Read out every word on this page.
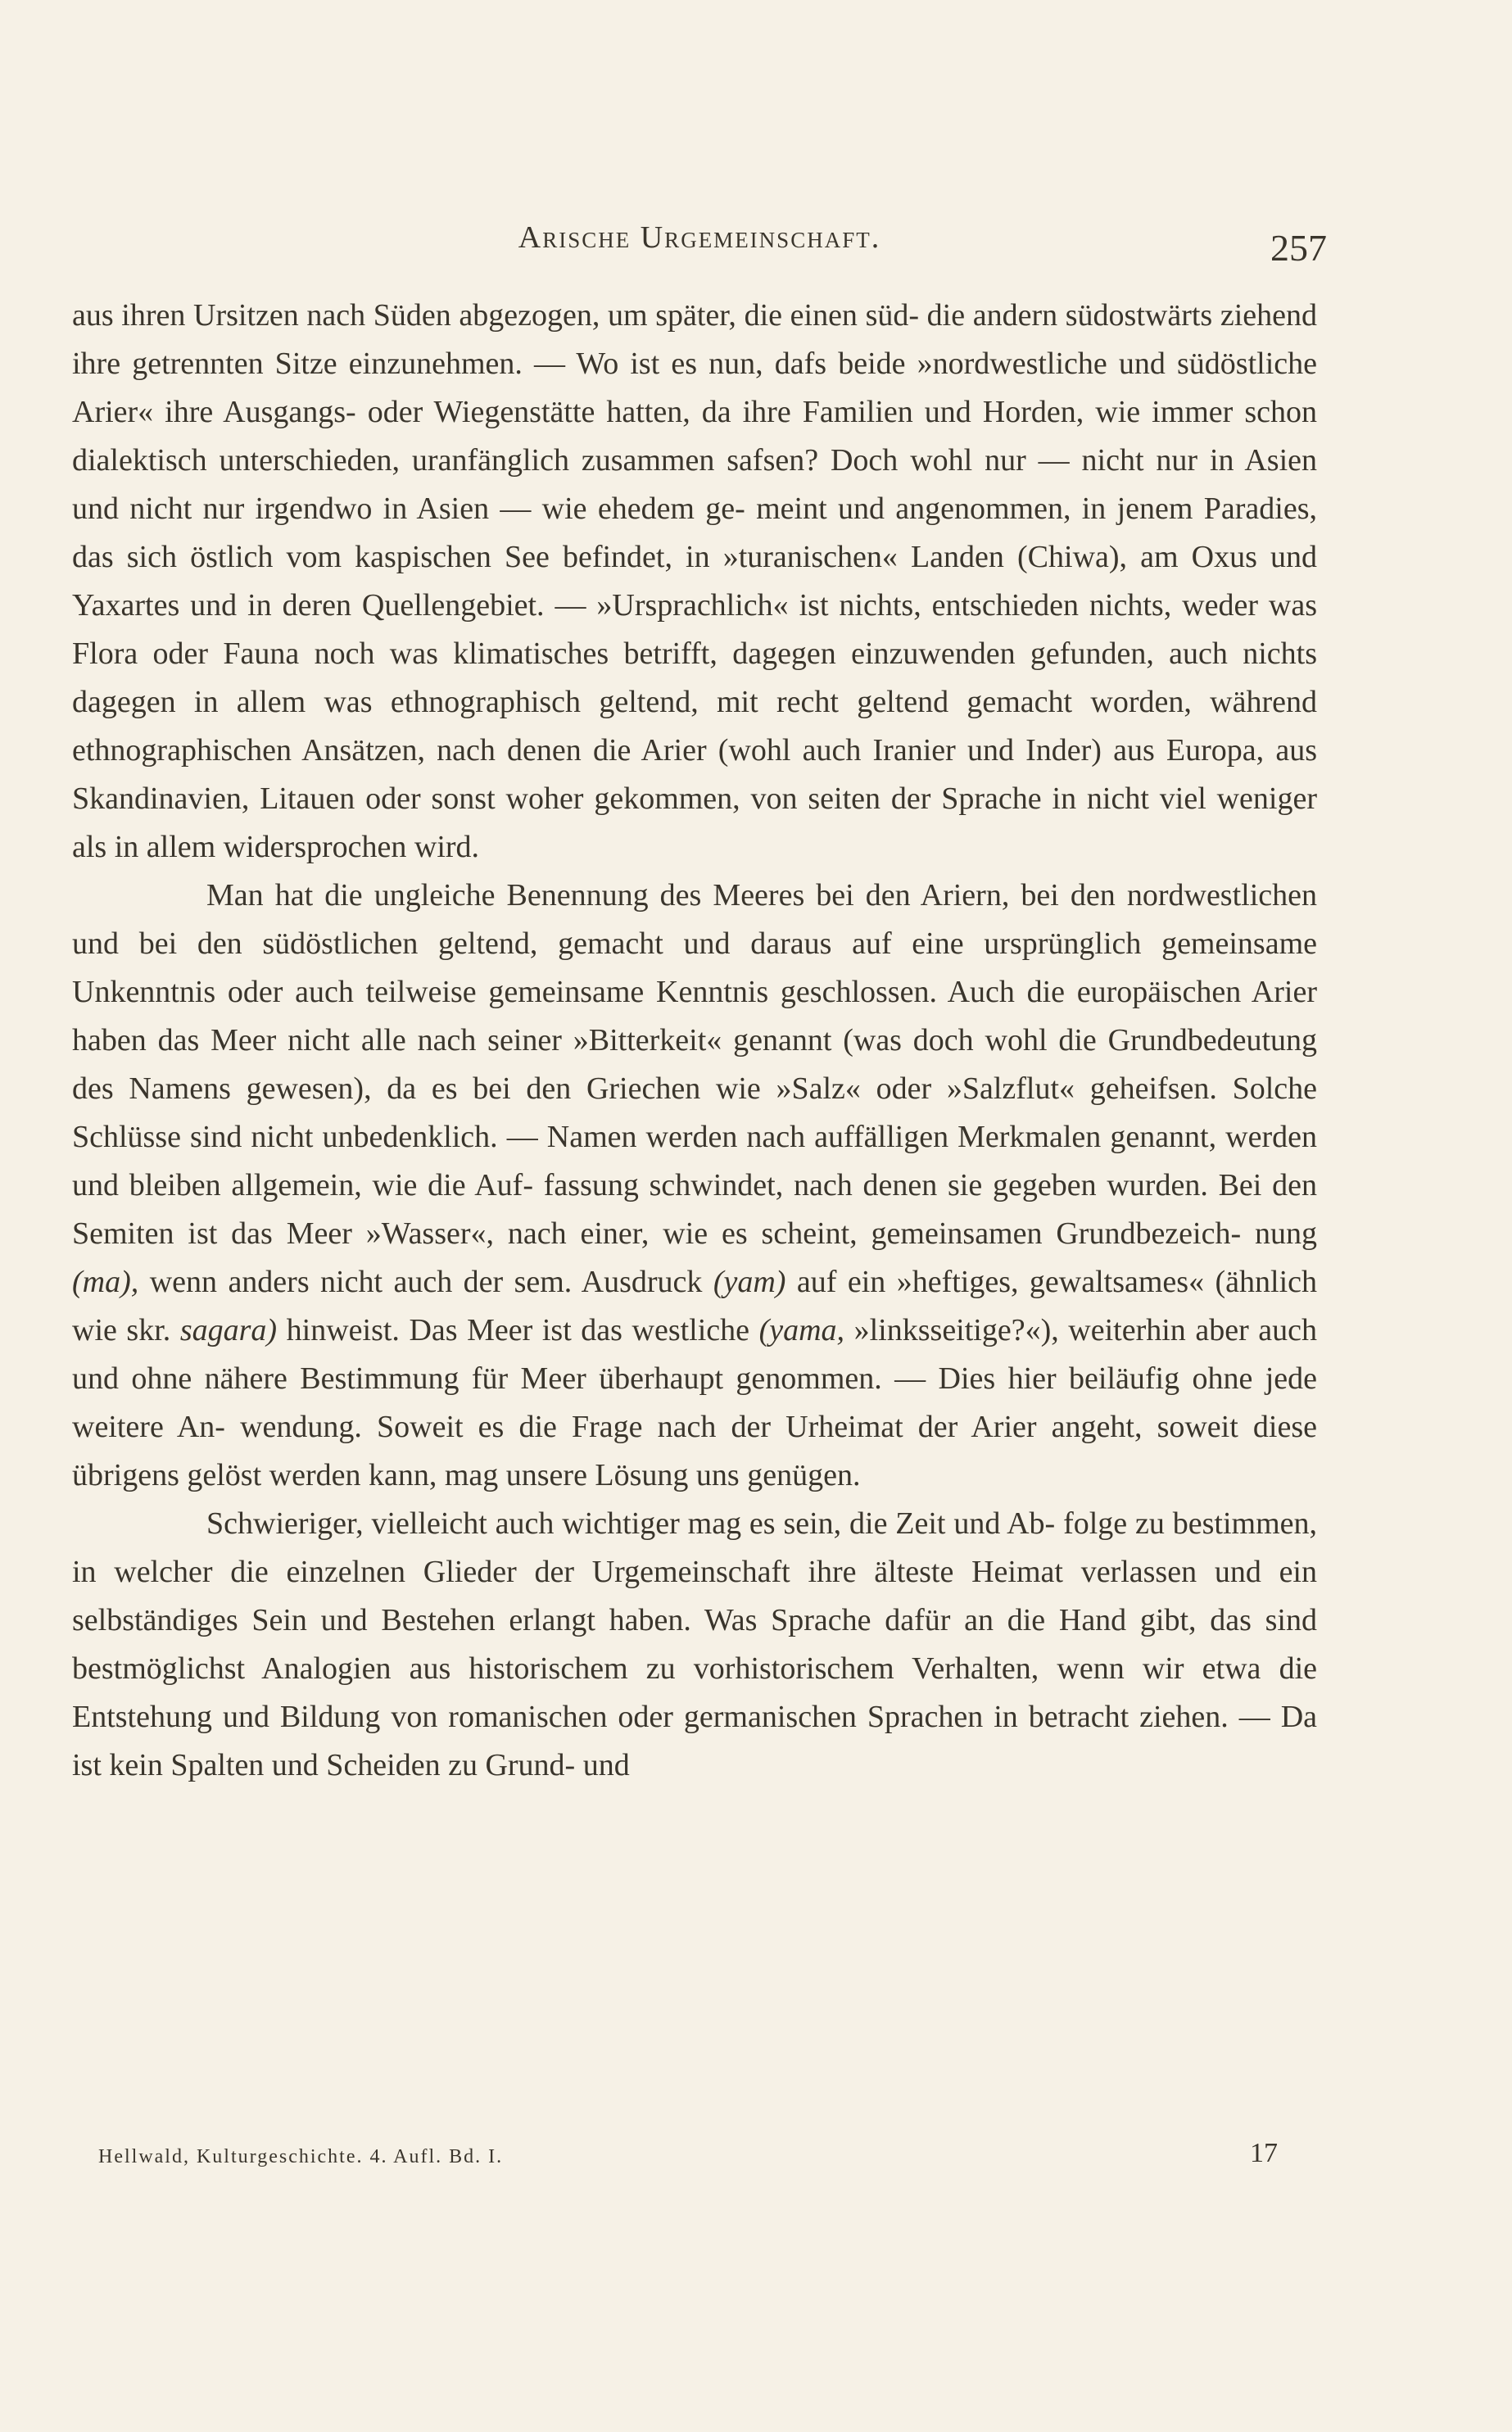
Arische Urgemeinschaft.	257

aus ihren Ursitzen nach Süden abgezogen, um später, die einen süd- die andern südostwärts ziehend ihre getrennten Sitze einzunehmen. — Wo ist es nun, dafs beide »nordwestliche und südöstliche Arier« ihre Ausgangs- oder Wiegenstätte hatten, da ihre Familien und Horden, wie immer schon dialektisch unterschieden, uranfänglich zusammen safsen? Doch wohl nur — nicht nur in Asien und nicht nur irgendwo in Asien — wie ehedem ge- meint und angenommen, in jenem Paradies, das sich östlich vom kaspischen See befindet, in »turanischen« Landen (Chiwa), am Oxus und Yaxartes und in deren Quellengebiet. — »Ursprachlich« ist nichts, entschieden nichts, weder was Flora oder Fauna noch was klimatisches betrifft, dagegen einzuwenden gefunden, auch nichts dagegen in allem was ethnographisch geltend, mit recht geltend gemacht worden, während ethnographischen Ansätzen, nach denen die Arier (wohl auch Iranier und Inder) aus Europa, aus Skandinavien, Litauen oder sonst woher gekommen, von seiten der Sprache in nicht viel weniger als in allem widersprochen wird.

Man hat die ungleiche Benennung des Meeres bei den Ariern, bei den nordwestlichen und bei den südöstlichen geltend, gemacht und daraus auf eine ursprünglich gemeinsame Unkenntnis oder auch teilweise gemeinsame Kenntnis geschlossen. Auch die europäischen Arier haben das Meer nicht alle nach seiner »Bitterkeit« genannt (was doch wohl die Grundbedeutung des Namens gewesen), da es bei den Griechen wie »Salz« oder »Salzflut« geheifsen. Solche Schlüsse sind nicht unbedenklich. — Namen werden nach auffälligen Merkmalen genannt, werden und bleiben allgemein, wie die Auf- fassung schwindet, nach denen sie gegeben wurden. Bei den Semiten ist das Meer »Wasser«, nach einer, wie es scheint, gemeinsamen Grundbezeich- nung (ma), wenn anders nicht auch der sem. Ausdruck (yam) auf ein »heftiges, gewaltsames« (ähnlich wie skr. sagara) hinweist. Das Meer ist das westliche (yama, »linksseitige?«), weiterhin aber auch und ohne nähere Bestimmung für Meer überhaupt genommen. — Dies hier beiläufig ohne jede weitere An- wendung. Soweit es die Frage nach der Urheimat der Arier angeht, soweit diese übrigens gelöst werden kann, mag unsere Lösung uns genügen.

Schwieriger, vielleicht auch wichtiger mag es sein, die Zeit und Ab- folge zu bestimmen, in welcher die einzelnen Glieder der Urgemeinschaft ihre älteste Heimat verlassen und ein selbständiges Sein und Bestehen erlangt haben. Was Sprache dafür an die Hand gibt, das sind bestmöglichst Analogien aus historischem zu vorhistorischem Verhalten, wenn wir etwa die Entstehung und Bildung von romanischen oder germanischen Sprachen in betracht ziehen. — Da ist kein Spalten und Scheiden zu Grund- und

Hellwald, Kulturgeschichte. 4. Aufl. Bd. I.	17
